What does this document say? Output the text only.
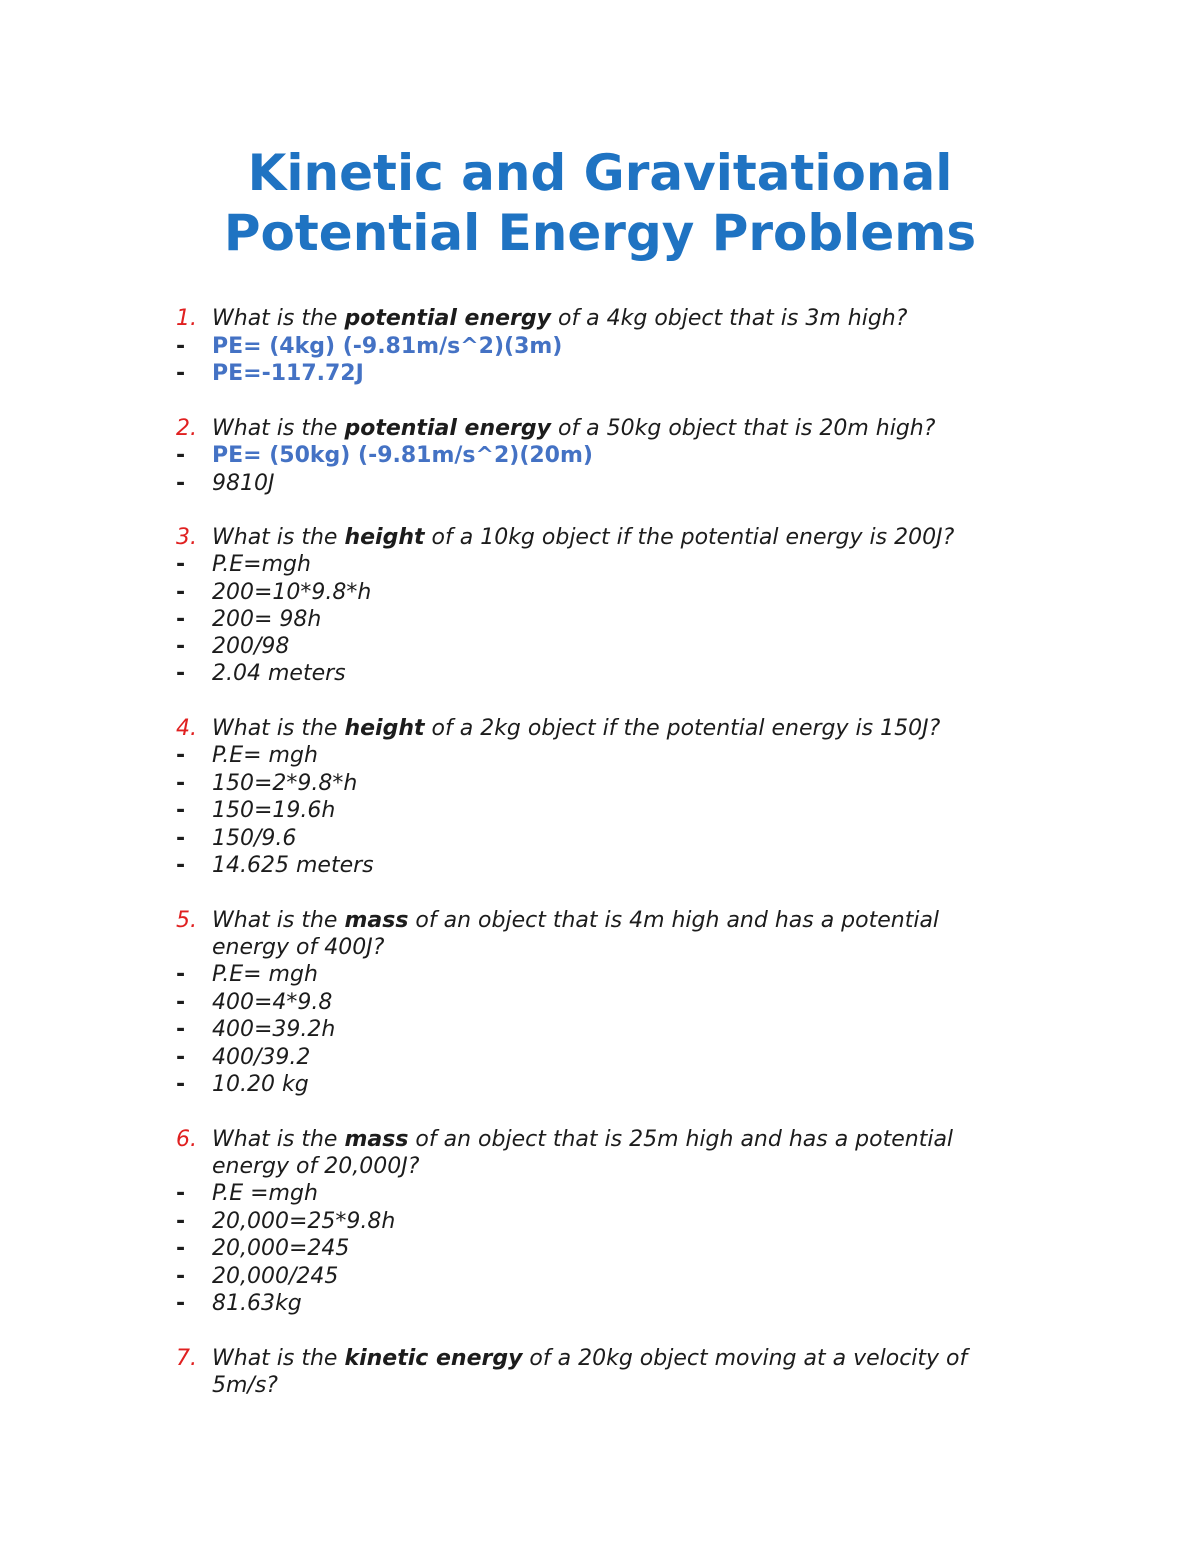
Kinetic and Gravitational
Potential Energy Problems
1. What is the potential energy of a 4kg object that is 3m high?
- PE= (4kg) (-9.81m/s^2)(3m)
- PE=-117.72J
2. What is the potential energy of a 50kg object that is 20m high?
- PE= (50kg) (-9.81m/s^2)(20m)
- 9810J
3. What is the height of a 10kg object if the potential energy is 200J?
- P.E=mgh
- 200=10*9.8*h
- 200= 98h
- 200/98
- 2.04 meters
4. What is the height of a 2kg object if the potential energy is 150J?
- P.E= mgh
- 150=2*9.8*h
- 150=19.6h
- 150/9.6
- 14.625 meters
5. What is the mass of an object that is 4m high and has a potential
energy of 400J?
- P.E= mgh
- 400=4*9.8
- 400=39.2h
- 400/39.2
- 10.20 kg
6. What is the mass of an object that is 25m high and has a potential
energy of 20,000J?
- P.E =mgh
- 20,000=25*9.8h
- 20,000=245
- 20,000/245
- 81.63kg
7. What is the kinetic energy of a 20kg object moving at a velocity of
5m/s?
